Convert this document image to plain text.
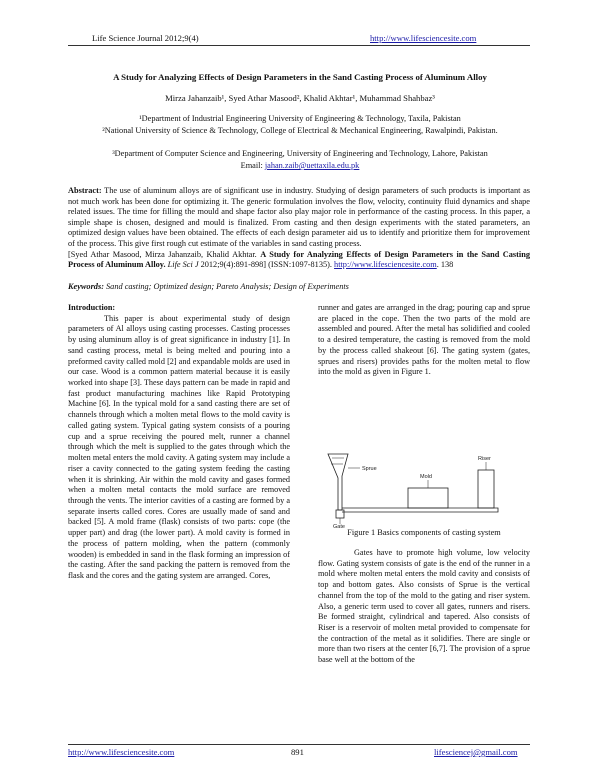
Life Science Journal 2012;9(4)	http://www.lifesciencesite.com
A Study for Analyzing Effects of Design Parameters in the Sand Casting Process of Aluminum Alloy
Mirza Jahanzaib¹, Syed Athar Masood², Khalid Akhtar¹, Muhammad Shahbaz³
¹Department of Industrial Engineering University of Engineering & Technology, Taxila, Pakistan
²National University of Science & Technology, College of Electrical & Mechanical Engineering, Rawalpindi, Pakistan.
³Department of Computer Science and Engineering, University of Engineering and Technology, Lahore, Pakistan
Email: jahan.zaib@uettaxila.edu.pk
Abstract: The use of aluminum alloys are of significant use in industry. Studying of design parameters of such products is important as not much work has been done for optimizing it. The generic formulation involves the flow, velocity, continuity fluid dynamics and shape related issues. The time for filling the mould and shape factor also play major role in performance of the casting process. In this paper, a simple shape is chosen, designed and mould is finalized. From casting and then design experiments with the stated parameters, an optimized design values have been obtained. The effects of each design parameter aid us to identify and prioritize them for improvement of the process. This give first rough cut estimate of the variables in sand casting process.
[Syed Athar Masood, Mirza Jahanzaib, Khalid Akhtar. A Study for Analyzing Effects of Design Parameters in the Sand Casting Process of Aluminum Alloy. Life Sci J 2012;9(4):891-898] (ISSN:1097-8135). http://www.lifesciencesite.com. 138
Keywords: Sand casting; Optimized design; Pareto Analysis; Design of Experiments

Introduction:

This paper is about experimental study of design parameters of Al alloys using casting processes. Casting processes by using aluminum alloy is of great significance in industry [1]. In sand casting process, metal is being melted and pouring into a preformed cavity called mold [2] and expandable molds are used in our case. Wood is a common pattern material because it is easily worked into shape [3]. These days pattern can be made in rapid and fast product manufacturing machines like Rapid Prototyping Machine [6]. In the typical mold for a sand casting there are set of channels through which a molten metal flows to the mold cavity is called gating system. Typical gating system consists of a pouring cup and a sprue receiving the poured melt, runner a channel through which the melt is supplied to the gates through which the molten metal enters the mold cavity. A gating system may include a riser a cavity connected to the gating system feeding the casting when it is shrinking. Air within the mold cavity and gases formed when a molten metal contacts the mold surface are removed through the vents. The interior cavities of a casting are formed by a separate inserts called cores. Cores are usually made of sand and backed [5]. A mold frame (flask) consists of two parts: cope (the upper part) and drag (the lower part). A mold cavity is formed in the process of pattern molding, when the pattern (commonly wooden) is embedded in sand in the flask forming an impression of the casting. After the sand packing the pattern is removed from the flask and the cores and the gating system are arranged. Cores,

runner and gates are arranged in the drag; pouring cap and sprue are placed in the cope. Then the two parts of the mold are assembled and poured. After the metal has solidified and cooled to a desired temperature, the casting is removed from the mold by the process called shakeout [6]. The gating system (gates, sprues and risers) provides paths for the molten metal to flow into the mold as given in Figure 1.

Sprue
Mold
Riser
Gate
Figure 1 Basics components of casting system

Gates have to promote high volume, low velocity flow. Gating system consists of gate is the end of the runner in a mold where molten metal enters the mold cavity and consists of top and bottom gates. Also consists of Sprue is the vertical channel from the top of the mold to the gating and riser system. Also, a generic term used to cover all gates, runners and risers. Be formed straight, cylindrical and tapered. Also consists of Riser is a reservoir of molten metal provided to compensate for the contraction of the metal as it solidifies. There are single or more than two risers at the center [6,7]. The provision of a sprue base well at the bottom of the

http://www.lifesciencesite.com	891	lifesciencej@gmail.com
